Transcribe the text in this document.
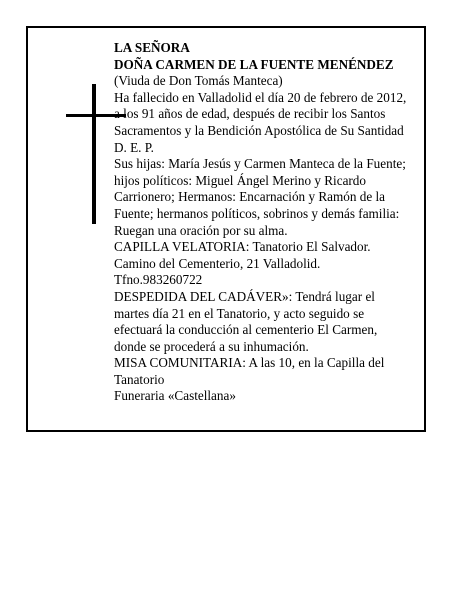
LA SEÑORA
DOÑA CARMEN DE LA FUENTE MENÉNDEZ
(Viuda de Don Tomás Manteca)
Ha fallecido en Valladolid el día 20 de febrero de 2012,
a los 91 años de edad, después de recibir los Santos
Sacramentos y la Bendición Apostólica de Su Santidad
D. E. P.
Sus hijas: María Jesús y Carmen Manteca de la Fuente;
hijos políticos: Miguel Ángel Merino y Ricardo
Carrionero; Hermanos: Encarnación y Ramón de la
Fuente; hermanos políticos, sobrinos y demás familia:
Ruegan una oración por su alma.
CAPILLA VELATORIA: Tanatorio El Salvador.
Camino del Cementerio, 21 Valladolid.
Tfno.983260722
DESPEDIDA DEL CADÁVER»: Tendrá lugar el
martes día 21 en el Tanatorio, y acto seguido se
efectuará la conducción al cementerio El Carmen,
donde se procederá a su inhumación.
MISA COMUNITARIA: A las 10, en la Capilla del
Tanatorio
Funeraria «Castellana»
